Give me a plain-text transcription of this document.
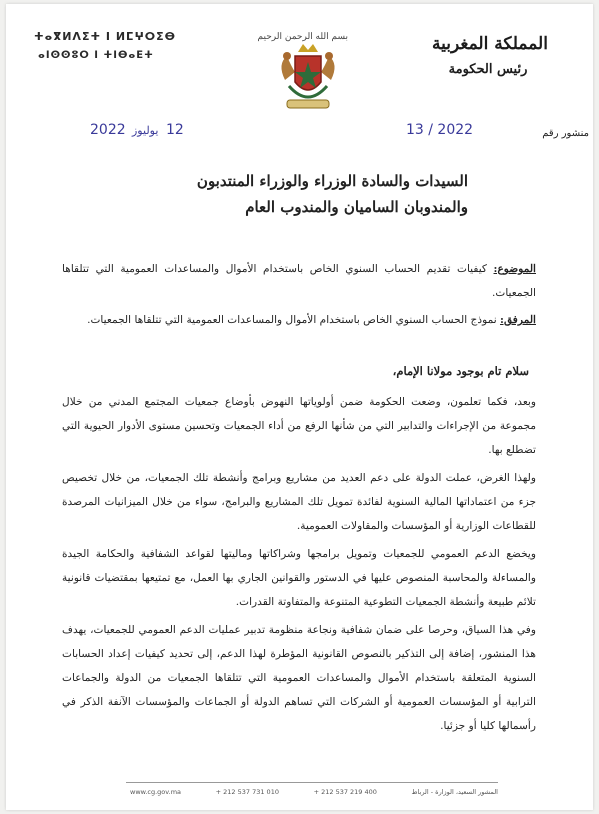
ⵜⴰⴳⵍⴷⵉⵜ ⵏ ⵍⵎⵖⵔⵉⴱ
ⴰⵏⵙⵙⵓⵔ ⵏ ⵜⵏⴱⴰⴹⵜ
بسم الله الرحمن الرحيم	المملكة المغربية
رئيس الحكومة
2022 يوليوز 12	منشور رقم
13 / 2022
السيدات والسادة الوزراء والوزراء المنتدبون
والمندوبان الساميان والمندوب العام
الموضوع: كيفيات تقديم الحساب السنوي الخاص باستخدام الأموال والمساعدات العمومية التي تتلقاها الجمعيات.
المرفق: نموذج الحساب السنوي الخاص باستخدام الأموال والمساعدات العمومية التي تتلقاها الجمعيات.
سلام تام بوجود مولانا الإمام،
وبعد، فكما تعلمون، وضعت الحكومة ضمن أولوياتها النهوض بأوضاع جمعيات المجتمع المدني من خلال مجموعة من الإجراءات والتدابير التي من شأنها الرفع من أداء الجمعيات وتحسين مستوى الأدوار الحيوية التي تضطلع بها.
ولهذا الغرض، عملت الدولة على دعم العديد من مشاريع وبرامج وأنشطة تلك الجمعيات، من خلال تخصيص جزء من اعتماداتها المالية السنوية لفائدة تمويل تلك المشاريع والبرامج، سواء من خلال الميزانيات المرصدة للقطاعات الوزارية أو المؤسسات والمقاولات العمومية.
ويخضع الدعم العمومي للجمعيات وتمويل برامجها وشراكاتها وماليتها لقواعد الشفافية والحكامة الجيدة والمساءلة والمحاسبة المنصوص عليها في الدستور والقوانين الجاري بها العمل، مع تمتيعها بمقتضيات قانونية تلائم طبيعة وأنشطة الجمعيات التطوعية المتنوعة والمتفاوتة القدرات.
وفي هذا السياق، وحرصا على ضمان شفافية ونجاعة منظومة تدبير عمليات الدعم العمومي للجمعيات، يهدف هذا المنشور، إضافة إلى التذكير بالنصوص القانونية المؤطرة لهذا الدعم، إلى تحديد كيفيات إعداد الحسابات السنوية المتعلقة باستخدام الأموال والمساعدات العمومية التي تتلقاها الجمعيات من الدولة والجماعات الترابية أو المؤسسات العمومية أو الشركات التي تساهم الدولة أو الجماعات والمؤسسات الآنفة الذكر في رأسمالها كليا أو جزئيا.
www.cg.gov.ma	+ 212 537 731 010	+ 212 537 219 400	المشور السعيد، الوزارة - الرباط
